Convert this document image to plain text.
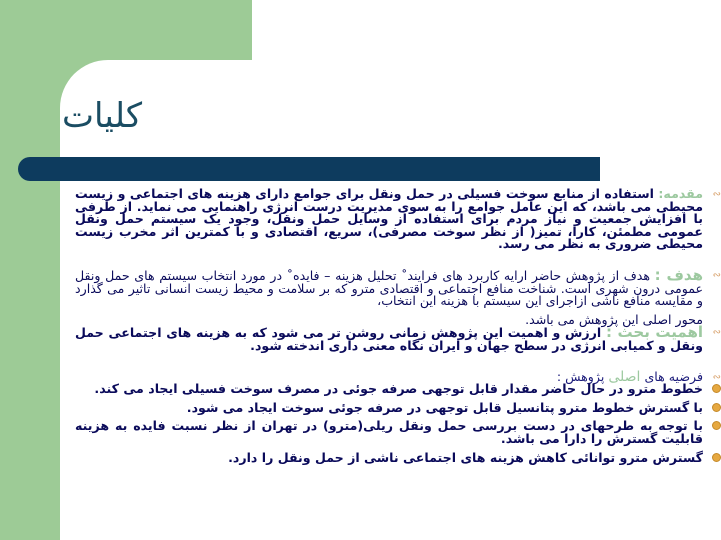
کلیات
∾
مقدمه: استفاده از منابع سوخت فسیلی در حمل ونقل برای جوامع دارای هزینه های اجتماعی و زیست محیطی می باشد، که این عامل جوامع را به سوی مدیریت درست انرژی راهنمایی می نماید. از طرفی با افزایش جمعیت و نیاز مردم برای استفاده از وسایل حمل ونقل، وجود یک سیستم حمل ونقل عمومی مطمئن، کارا، تمیز( از نظر سوخت مصرفی)، سریع، اقتصادی و با کمترین اثر مخرب زیست محیطی ضروری به نظر می رسد.
∾
هدف : هدف از پژوهش حاضر ارایه کاربرد های فرایند˚ تحلیل هزینه – فایده˚ در مورد انتخاب سیستم های حمل ونقل عمومی درون شهری است. شناخت منافع اجتماعی و اقتصادی مترو که بر سلامت و محیط زیست انسانی تاثیر می گذارد و مقایسه منافع ناشی ازاجرای این سیستم با هزینه این انتخاب،
محور اصلی این پژوهش می باشد.
∾
اهمیت بحث : ارزش و اهمیت این پژوهش زمانی روشن تر می شود که به هزینه های اجتماعی حمل ونقل و کمیابی انرژی در سطح جهان و ایران نگاه معنی داری اندخته شود.
∾
فرضیه های اصلی پژوهش :
خطوط مترو در حال حاضر مقدار قابل توجهی صرفه جوئی در مصرف سوخت فسیلی ایجاد می کند.
با گسترش خطوط مترو پتانسیل قابل توجهی در صرفه جوئی سوخت ایجاد می شود.
با توجه به طرحهای در دست بررسی حمل ونقل ریلی(مترو) در تهران از نظر نسبت فایده به هزینه قابلیت گسترش را دارا می باشد.
گسترش مترو توانائی کاهش هزینه های اجتماعی ناشی از حمل ونقل را دارد.
